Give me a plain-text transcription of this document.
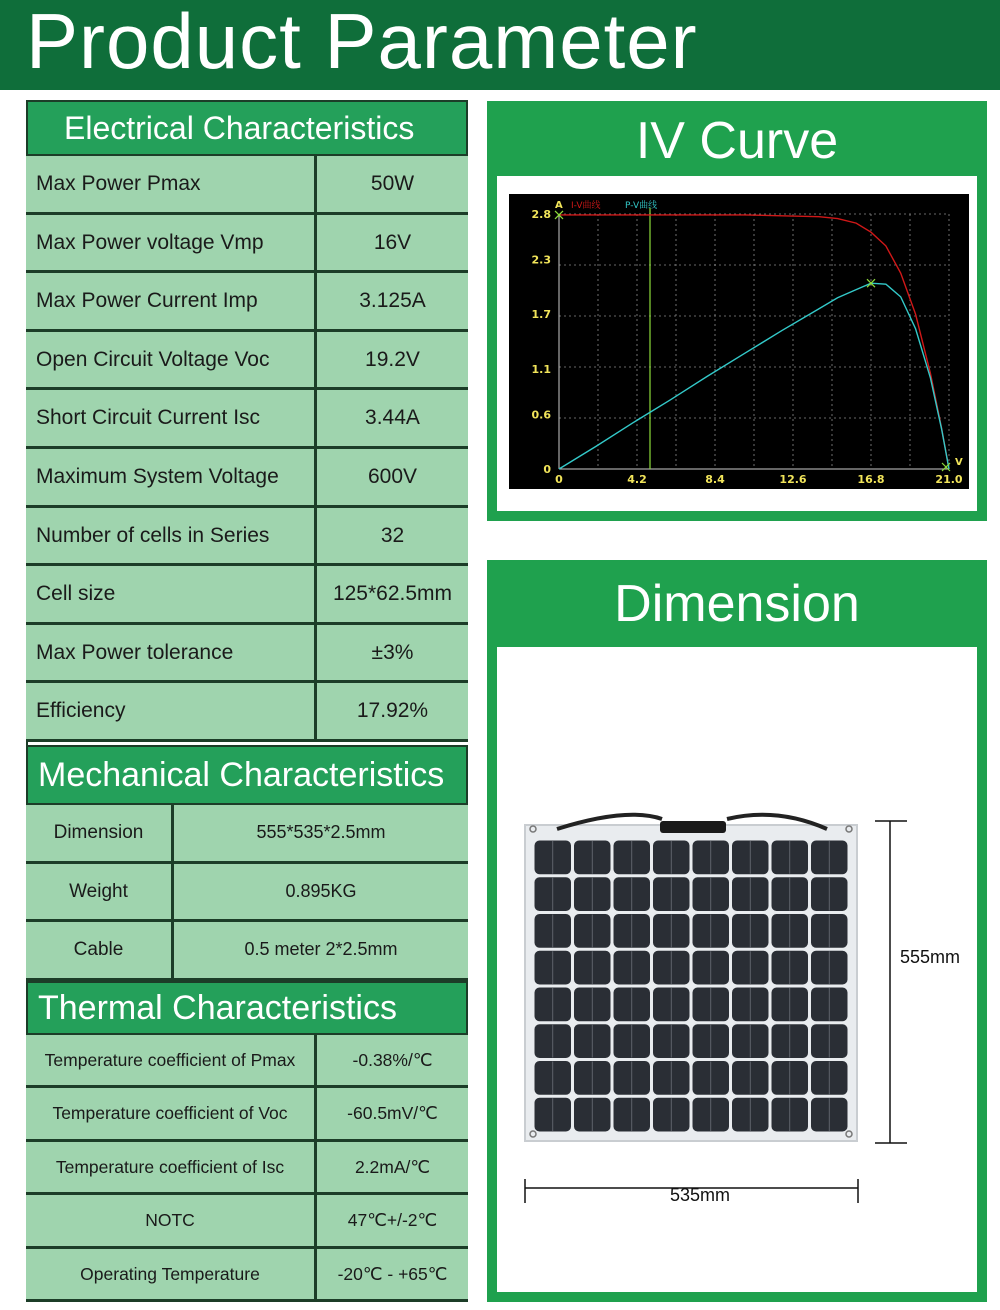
Product Parameter
Electrical Characteristics
Max Power Pmax	50W
Max Power voltage Vmp	16V
Max Power Current Imp	3.125A
Open Circuit Voltage Voc	19.2V
Short Circuit Current Isc	3.44A
Maximum System Voltage	600V
Number of cells in Series	32
Cell size	125*62.5mm
Max Power tolerance	±3%
Efficiency	17.92%
Mechanical Characteristics
Dimension	555*535*2.5mm
Weight	0.895KG
Cable	0.5 meter 2*2.5mm
Thermal Characteristics
Temperature coefficient of Pmax	-0.38%/℃
Temperature coefficient of Voc	-60.5mV/℃
Temperature coefficient of Isc	2.2mA/℃
NOTC	47℃+/-2℃
Operating Temperature	-20℃ - +65℃
IV Curve
0	4.2	8.4	12.6	16.8	21.0
0
0.6
1.1
1.7
2.3
2.8
A
V
I-V曲线	P-V曲线
Dimension
555mm
535mm
